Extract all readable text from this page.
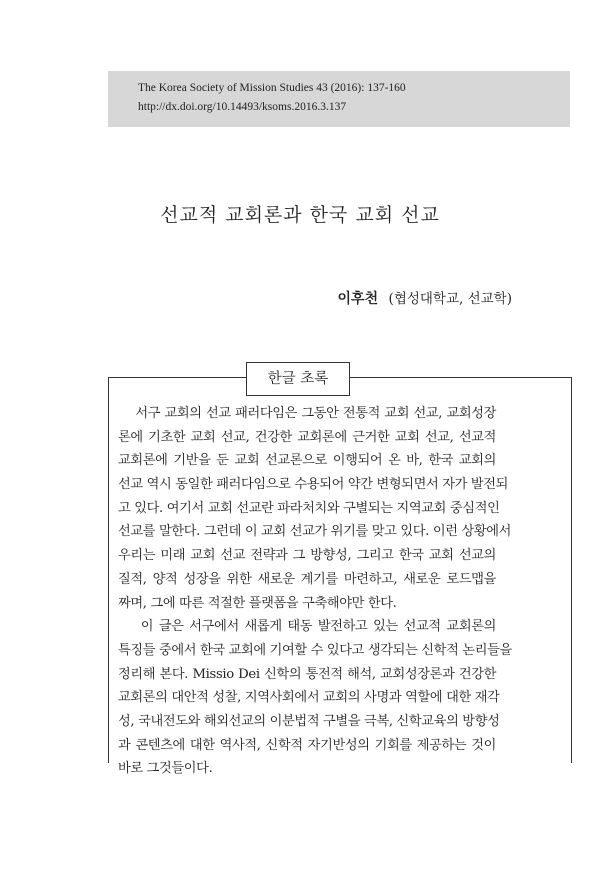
The Korea Society of Mission Studies 43 (2016): 137-160
http://dx.doi.org/10.14493/ksoms.2016.3.137
선교적 교회론과 한국 교회 선교
이후천 (협성대학교, 선교학)
한글 초록
서구 교회의 선교 패러다임은 그동안 전통적 교회 선교, 교회성장
론에 기초한 교회 선교, 건강한 교회론에 근거한 교회 선교, 선교적
교회론에 기반을 둔 교회 선교론으로 이행되어 온 바, 한국 교회의
선교 역시 동일한 패러다임으로 수용되어 약간 변형되면서 자가 발전되
고 있다. 여기서 교회 선교란 파라처치와 구별되는 지역교회 중심적인
선교를 말한다. 그런데 이 교회 선교가 위기를 맞고 있다. 이런 상황에서
우리는 미래 교회 선교 전략과 그 방향성, 그리고 한국 교회 선교의
질적, 양적 성장을 위한 새로운 계기를 마련하고, 새로운 로드맵을
짜며, 그에 따른 적절한 플랫폼을 구축해야만 한다.
이 글은 서구에서 새롭게 태동 발전하고 있는 선교적 교회론의
특징들 중에서 한국 교회에 기여할 수 있다고 생각되는 신학적 논리들을
정리해 본다. Missio Dei 신학의 통전적 해석, 교회성장론과 건강한
교회론의 대안적 성찰, 지역사회에서 교회의 사명과 역할에 대한 재각
성, 국내전도와 해외선교의 이분법적 구별을 극복, 신학교육의 방향성
과 콘텐츠에 대한 역사적, 신학적 자기반성의 기회를 제공하는 것이
바로 그것들이다.
